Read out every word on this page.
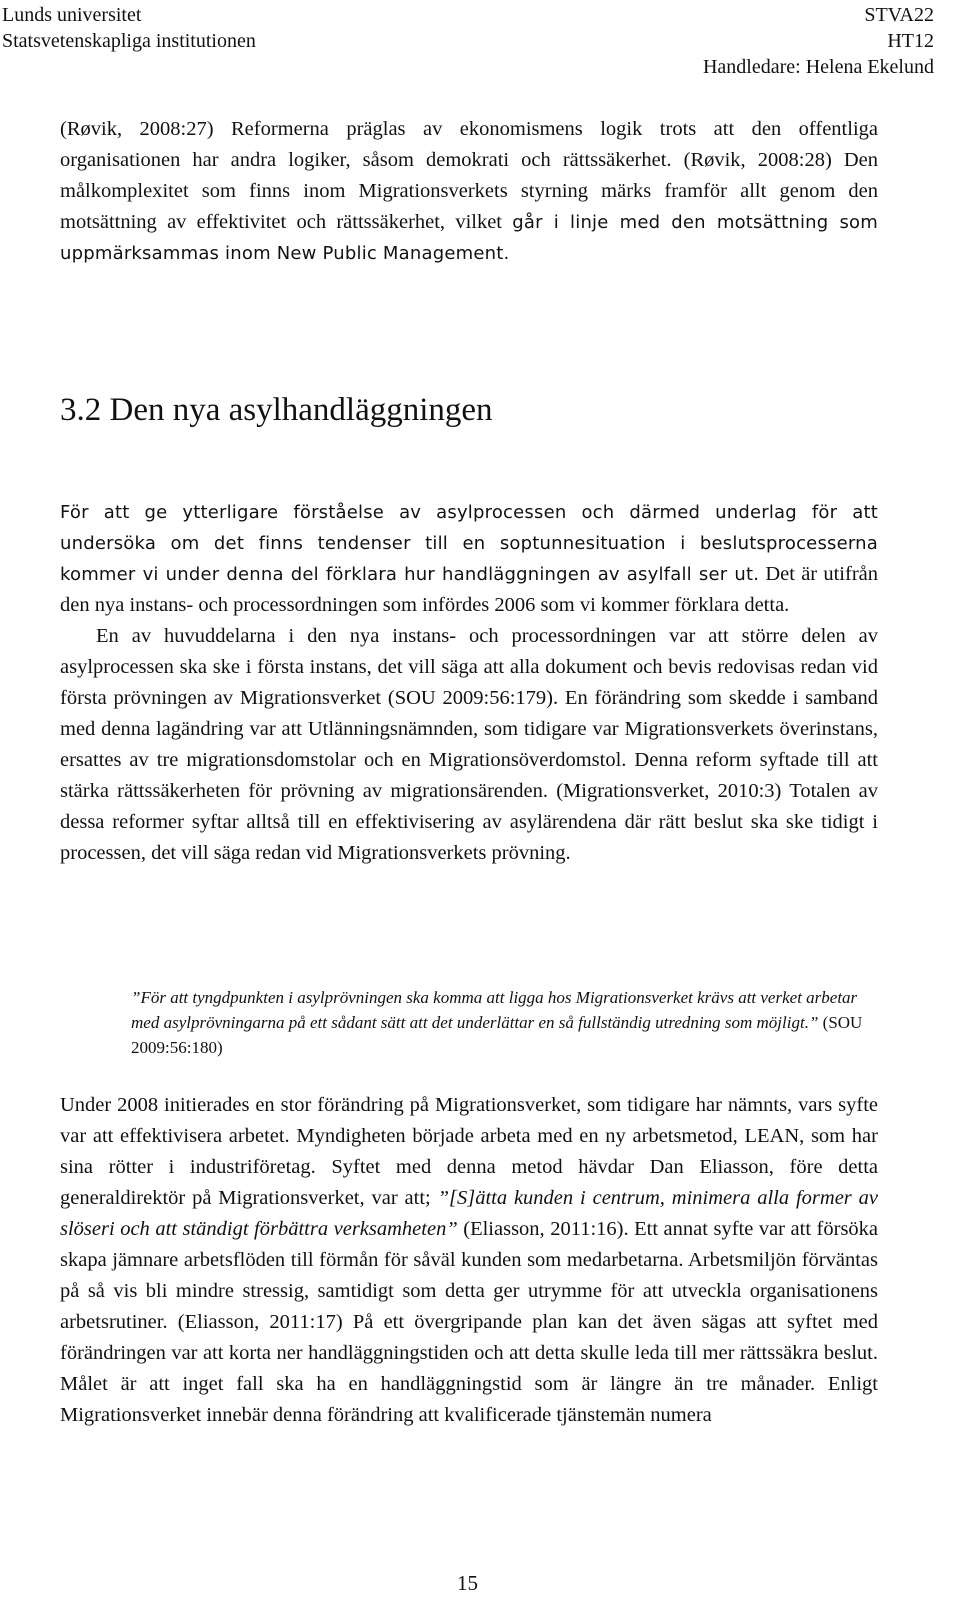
Lunds universitet
Statsvetenskapliga institutionen
STVA22
HT12
Handledare: Helena Ekelund

(Røvik, 2008:27) Reformerna präglas av ekonomismens logik trots att den offentliga organisationen har andra logiker, såsom demokrati och rättssäkerhet. (Røvik, 2008:28) Den målkomplexitet som finns inom Migrationsverkets styrning märks framför allt genom den motsättning av effektivitet och rättssäkerhet, vilket går i linje med den motsättning som uppmärksammas inom New Public Management.

3.2 Den nya asylhandläggningen

För att ge ytterligare förståelse av asylprocessen och därmed underlag för att undersöka om det finns tendenser till en soptunnesituation i beslutsprocesserna kommer vi under denna del förklara hur handläggningen av asylfall ser ut. Det är utifrån den nya instans- och processordningen som infördes 2006 som vi kommer förklara detta.

En av huvuddelarna i den nya instans- och processordningen var att större delen av asylprocessen ska ske i första instans, det vill säga att alla dokument och bevis redovisas redan vid första prövningen av Migrationsverket (SOU 2009:56:179). En förändring som skedde i samband med denna lagändring var att Utlänningsnämnden, som tidigare var Migrationsverkets överinstans, ersattes av tre migrationsdomstolar och en Migrationsöverdomstol. Denna reform syftade till att stärka rättssäkerheten för prövning av migrationsärenden. (Migrationsverket, 2010:3) Totalen av dessa reformer syftar alltså till en effektivisering av asylärendena där rätt beslut ska ske tidigt i processen, det vill säga redan vid Migrationsverkets prövning.

”För att tyngdpunkten i asylprövningen ska komma att ligga hos Migrationsverket krävs att verket arbetar med asylprövningarna på ett sådant sätt att det underlättar en så fullständig utredning som möjligt.” (SOU 2009:56:180)

Under 2008 initierades en stor förändring på Migrationsverket, som tidigare har nämnts, vars syfte var att effektivisera arbetet. Myndigheten började arbeta med en ny arbetsmetod, LEAN, som har sina rötter i industriföretag. Syftet med denna metod hävdar Dan Eliasson, före detta generaldirektör på Migrationsverket, var att; ”[S]ätta kunden i centrum, minimera alla former av slöseri och att ständigt förbättra verksamheten” (Eliasson, 2011:16). Ett annat syfte var att försöka skapa jämnare arbetsflöden till förmån för såväl kunden som medarbetarna. Arbetsmiljön förväntas på så vis bli mindre stressig, samtidigt som detta ger utrymme för att utveckla organisationens arbetsrutiner. (Eliasson, 2011:17) På ett övergripande plan kan det även sägas att syftet med förändringen var att korta ner handläggningstiden och att detta skulle leda till mer rättssäkra beslut. Målet är att inget fall ska ha en handläggningstid som är längre än tre månader. Enligt Migrationsverket innebär denna förändring att kvalificerade tjänstemän numera

15
